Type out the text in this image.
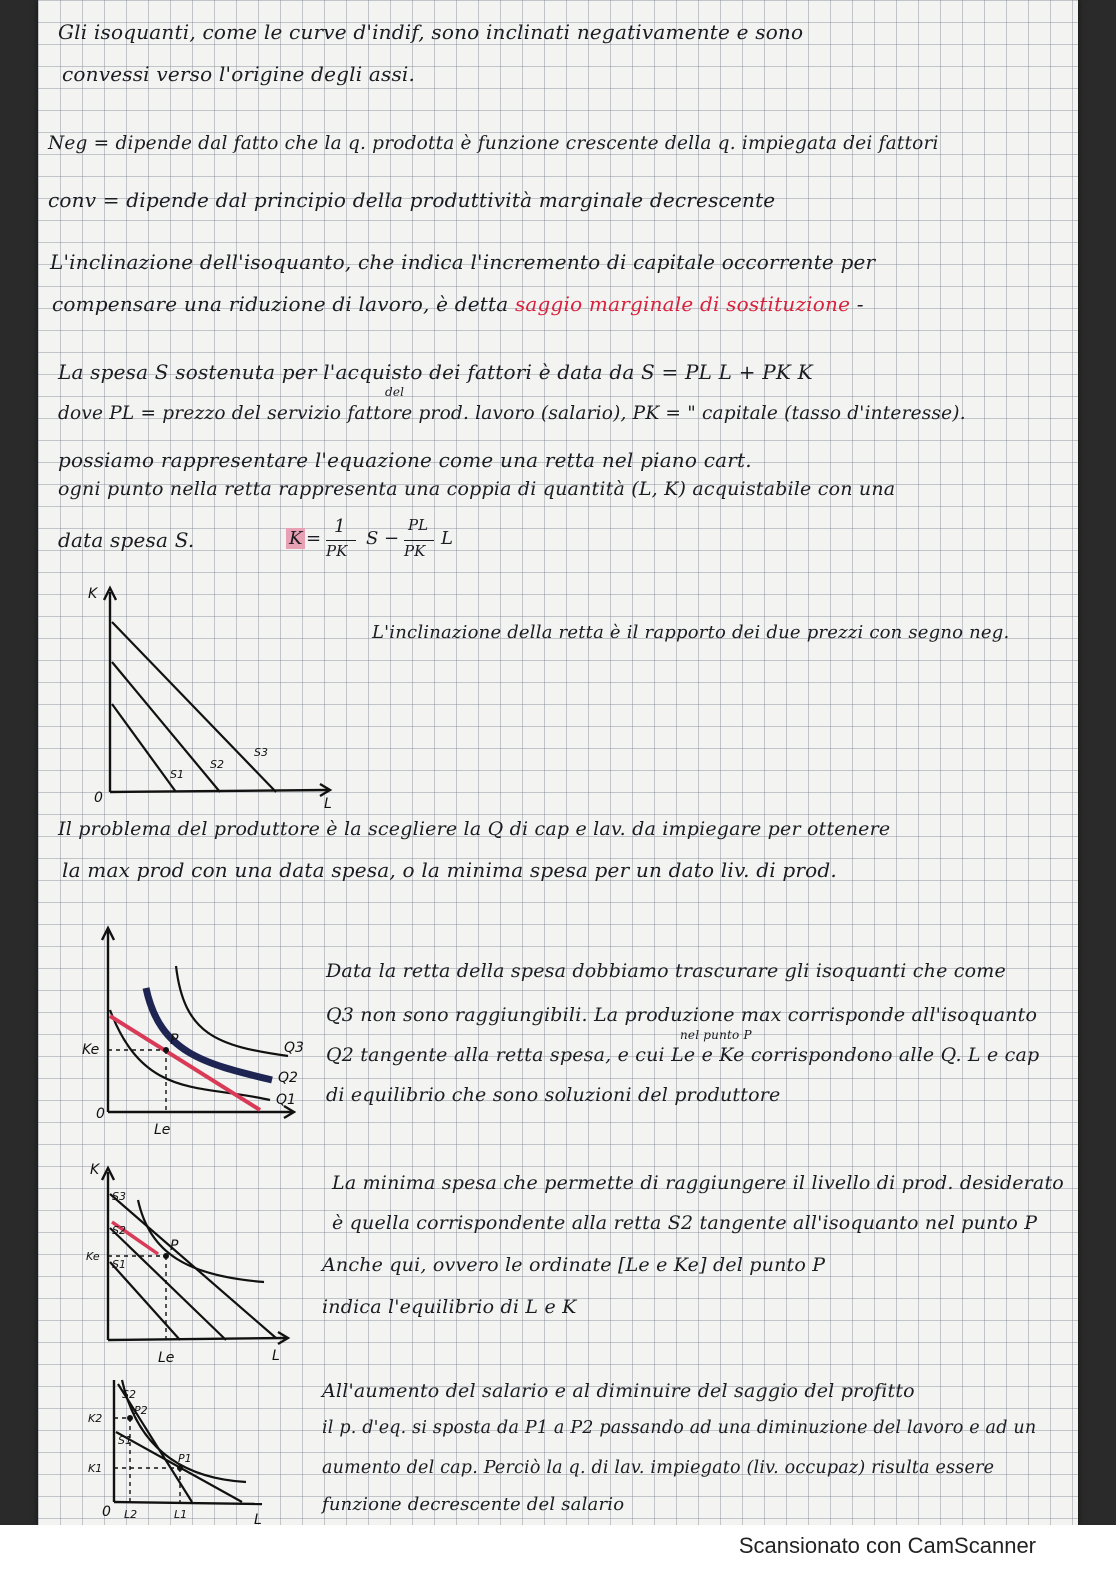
Scansionato con CamScanner
Gli isoquanti, come le curve d'indif, sono inclinati negativamente e sono
convessi verso l'origine degli assi.
Neg = dipende dal fatto che la q. prodotta è funzione crescente della q. impiegata dei fattori
conv = dipende dal principio della produttività marginale decrescente
L'inclinazione dell'isoquanto, che indica l'incremento di capitale occorrente per
compensare una riduzione di lavoro, è detta saggio marginale di sostituzione -
La spesa S sostenuta per l'acquisto dei fattori è data da S = PL L + PK K
del
dove PL = prezzo del servizio fattore prod. lavoro (salario), PK = " capitale (tasso d'interesse).
possiamo rappresentare l'equazione come una retta nel piano cart.
ogni punto nella retta rappresenta una coppia di quantità (L, K) acquistabile con una
data spesa S.	K =
1
PK
S −
PL
PK
L
L'inclinazione della retta è il rapporto dei due prezzi con segno neg.
K
L
0
S1
S2
S3
Il problema del produttore è la scegliere la Q di cap e lav. da impiegare per ottenere
la max prod con una data spesa, o la minima spesa per un dato liv. di prod.
P
Ke
Le
0
Q3
Q2
Q1
Data la retta della spesa dobbiamo trascurare gli isoquanti che come
Q3 non sono raggiungibili. La produzione max corrisponde all'isoquanto
nel punto P
Q2 tangente alla retta spesa, e cui Le e Ke corrispondono alle Q. L e cap
di equilibrio che sono soluzioni del produttore
K
L
P
Ke
Le
S3
S2
S1
La minima spesa che permette di raggiungere il livello di prod. desiderato
è quella corrispondente alla retta S2 tangente all'isoquanto nel punto P
Anche qui, ovvero le ordinate [Le e Ke] del punto P
indica l'equilibrio di L e K
L
P2
P1
K2
K1
L2	L1
0
S2
S1
All'aumento del salario e al diminuire del saggio del profitto
il p. d'eq. si sposta da P1 a P2 passando ad una diminuzione del lavoro e ad un
aumento del cap. Perciò la q. di lav. impiegato (liv. occupaz) risulta essere
funzione decrescente del salario
